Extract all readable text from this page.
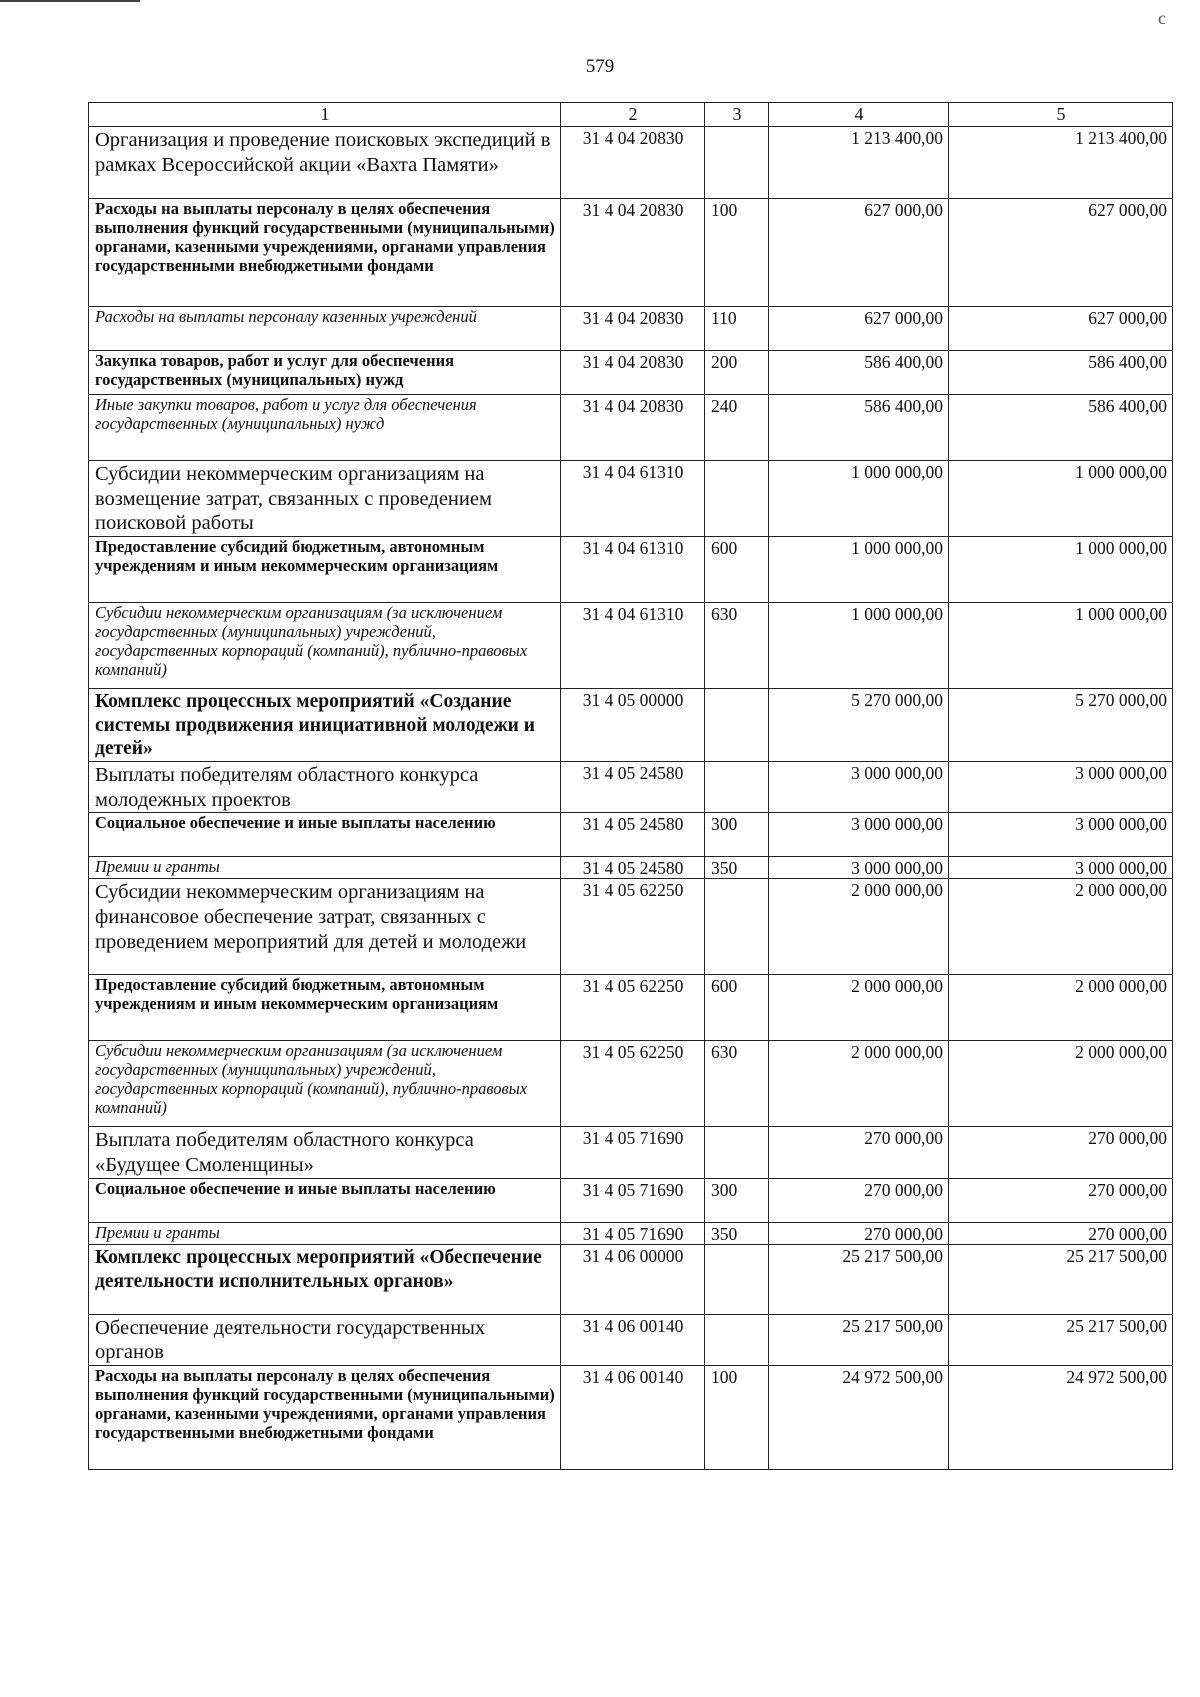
с
579
1	2	3	4	5
Организация и проведение поисковых экспедиций в рамках Всероссийской акции «Вахта Памяти»	31 4 04 20830		1 213 400,00	1 213 400,00
Расходы на выплаты персоналу в целях обеспечения выполнения функций государственными (муниципальными) органами, казенными учреждениями, органами управления государственными внебюджетными фондами	31 4 04 20830	100	627 000,00	627 000,00
Расходы на выплаты персоналу казенных учреждений	31 4 04 20830	110	627 000,00	627 000,00
Закупка товаров, работ и услуг для обеспечения государственных (муниципальных) нужд	31 4 04 20830	200	586 400,00	586 400,00
Иные закупки товаров, работ и услуг для обеспечения государственных (муниципальных) нужд	31 4 04 20830	240	586 400,00	586 400,00
Субсидии некоммерческим организациям на возмещение затрат, связанных с проведением поисковой работы	31 4 04 61310		1 000 000,00	1 000 000,00
Предоставление субсидий бюджетным, автономным учреждениям и иным некоммерческим организациям	31 4 04 61310	600	1 000 000,00	1 000 000,00
Субсидии некоммерческим организациям (за исключением государственных (муниципальных) учреждений, государственных корпораций (компаний), публично-правовых компаний)	31 4 04 61310	630	1 000 000,00	1 000 000,00
Комплекс процессных мероприятий «Создание системы продвижения инициативной молодежи и детей»	31 4 05 00000		5 270 000,00	5 270 000,00
Выплаты победителям областного конкурса молодежных проектов	31 4 05 24580		3 000 000,00	3 000 000,00
Социальное обеспечение и иные выплаты населению	31 4 05 24580	300	3 000 000,00	3 000 000,00
Премии и гранты	31 4 05 24580	350	3 000 000,00	3 000 000,00
Субсидии некоммерческим организациям на финансовое обеспечение затрат, связанных с проведением мероприятий для детей и молодежи	31 4 05 62250		2 000 000,00	2 000 000,00
Предоставление субсидий бюджетным, автономным учреждениям и иным некоммерческим организациям	31 4 05 62250	600	2 000 000,00	2 000 000,00
Субсидии некоммерческим организациям (за исключением государственных (муниципальных) учреждений, государственных корпораций (компаний), публично-правовых компаний)	31 4 05 62250	630	2 000 000,00	2 000 000,00
Выплата победителям областного конкурса «Будущее Смоленщины»	31 4 05 71690		270 000,00	270 000,00
Социальное обеспечение и иные выплаты населению	31 4 05 71690	300	270 000,00	270 000,00
Премии и гранты	31 4 05 71690	350	270 000,00	270 000,00
Комплекс процессных мероприятий «Обеспечение деятельности исполнительных органов»	31 4 06 00000		25 217 500,00	25 217 500,00
Обеспечение деятельности государственных органов	31 4 06 00140		25 217 500,00	25 217 500,00
Расходы на выплаты персоналу в целях обеспечения выполнения функций государственными (муниципальными) органами, казенными учреждениями, органами управления государственными внебюджетными фондами	31 4 06 00140	100	24 972 500,00	24 972 500,00
